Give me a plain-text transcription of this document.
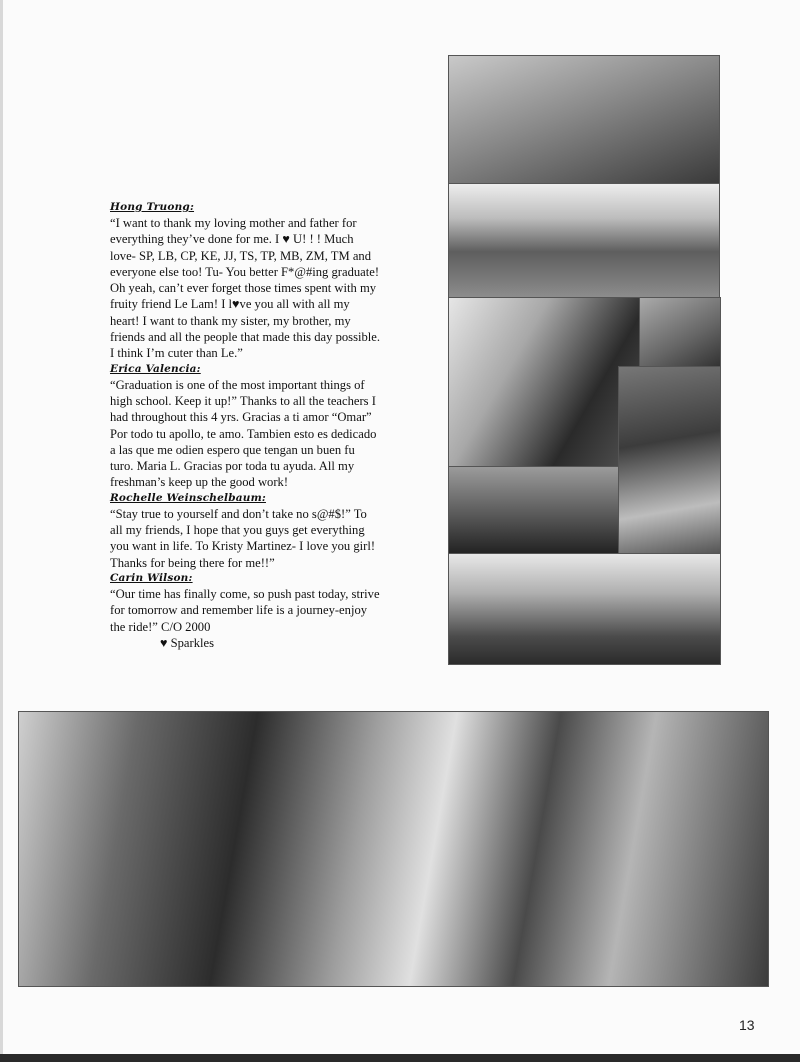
Hong Truong:
“I want to thank my loving mother and father for everything they’ve done for me. I ♥ U! ! ! Much love- SP, LB, CP, KE, JJ, TS, TP, MB, ZM, TM and everyone else too! Tu- You better F*@#ing graduate! Oh yeah, can’t ever forget those times spent with my fruity friend Le Lam! I l♥ve you all with all my heart! I want to thank my sister, my brother, my friends and all the people that made this day possible. I think I’m cuter than Le.”

Erica Valencia:
“Graduation is one of the most important things of high school. Keep it up!” Thanks to all the teachers I had throughout this 4 yrs. Gracias a ti amor “Omar” Por todo tu apollo, te amo. Tambien esto es dedicado a las que me odien espero que tengan un buen fu turo. Maria L. Gracias por toda tu ayuda. All my freshman’s keep up the good work!

Rochelle Weinschelbaum:
“Stay true to yourself and don’t take no s@#$!” To all my friends, I hope that you guys get everything you want in life. To Kristy Martinez- I love you girl! Thanks for being there for me!!”

Carin Wilson:
“Our time has finally come, so push past today, strive for tomorrow and remember life is a journey-enjoy the ride!” C/O 2000
♥ Sparkles

13
